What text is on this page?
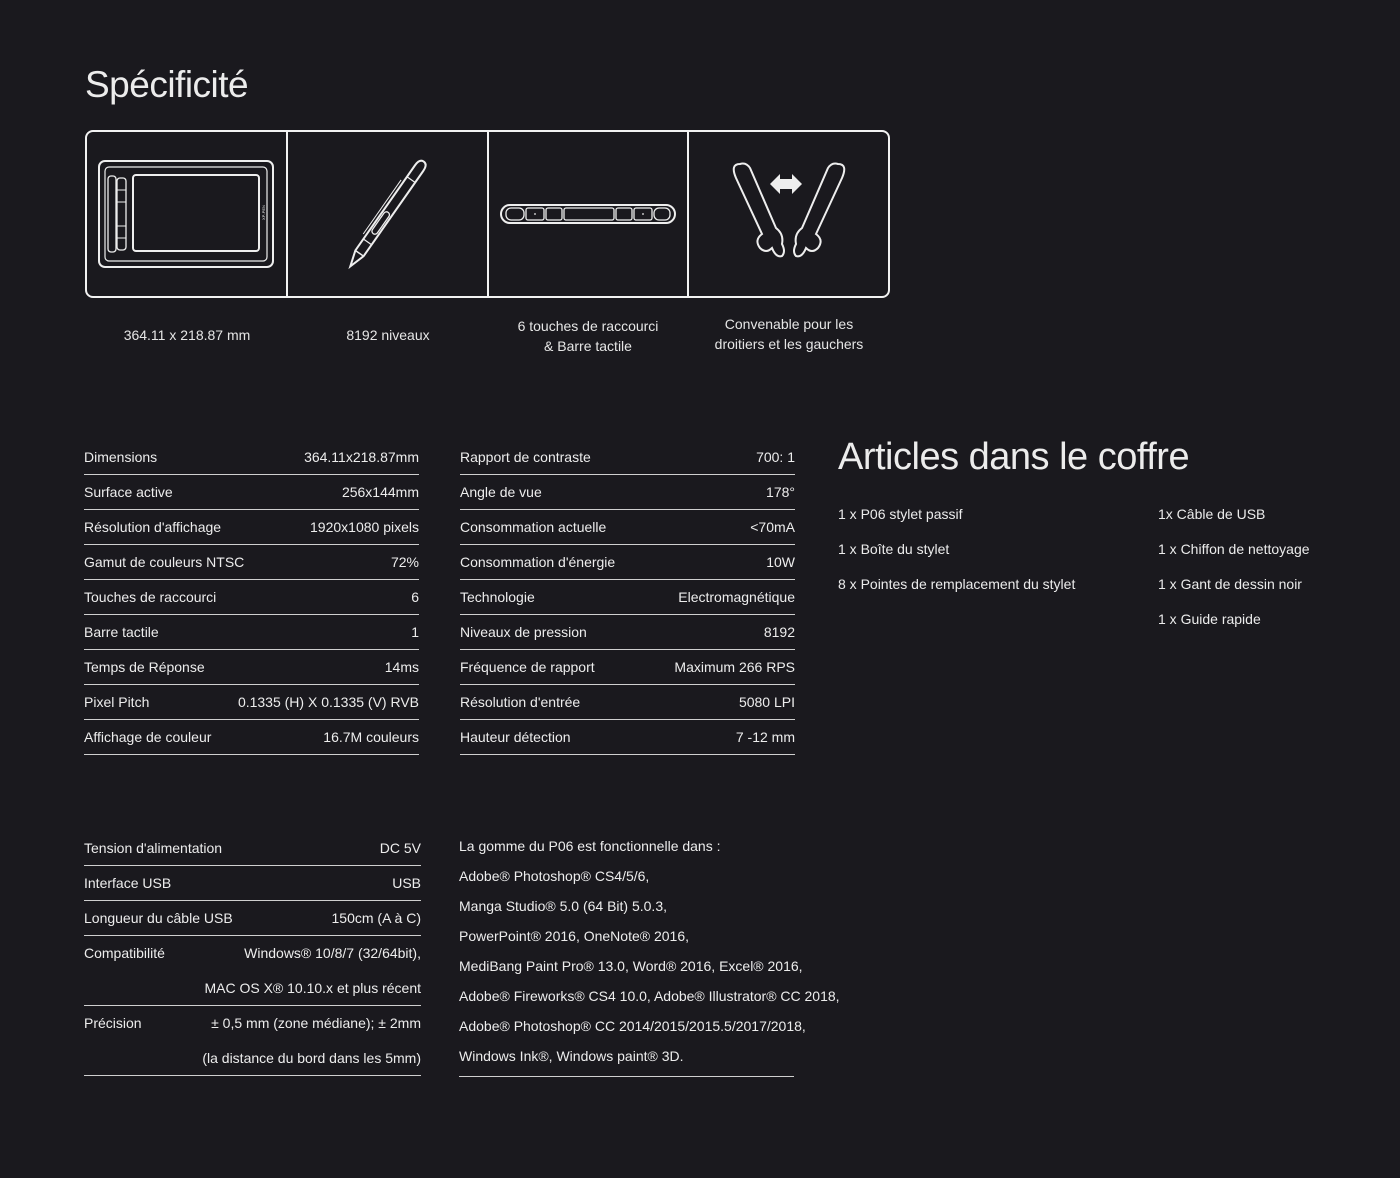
Spécificité
XP-PEN
364.11 x 218.87 mm	8192 niveaux
6 touches de raccourci
& Barre tactile
Convenable pour les
droitiers et les gauchers
Dimensions	364.11x218.87mm
Surface active	256x144mm
Résolution d'affichage	1920x1080 pixels
Gamut de couleurs NTSC	72%
Touches de raccourci	6
Barre tactile	1
Temps de Réponse	14ms
Pixel Pitch	0.1335 (H) X 0.1335 (V) RVB
Affichage de couleur	16.7M couleurs
Rapport de contraste	700: 1
Angle de vue	178°
Consommation actuelle	<70mA
Consommation d'énergie	10W
Technologie	Electromagnétique
Niveaux de pression	8192
Fréquence de rapport	Maximum 266 RPS
Résolution d'entrée	5080 LPI
Hauteur détection	7 -12 mm
Tension d'alimentation	DC 5V
Interface USB	USB
Longueur du câble USB	150cm (A à C)
Compatibilité	Windows® 10/8/7 (32/64bit),
MAC OS X® 10.10.x et plus récent
Précision	± 0,5 mm (zone médiane); ± 2mm
(la distance du bord dans les 5mm)
La gomme du P06 est fonctionnelle dans :
Adobe® Photoshop® CS4/5/6,
Manga Studio® 5.0 (64 Bit) 5.0.3,
PowerPoint® 2016, OneNote® 2016,
MediBang Paint Pro® 13.0, Word® 2016, Excel® 2016,
Adobe® Fireworks® CS4 10.0, Adobe® Illustrator® CC 2018,
Adobe® Photoshop® CC 2014/2015/2015.5/2017/2018,
Windows Ink®, Windows paint® 3D.
Articles dans le coffre
1 x P06 stylet passif
1 x Boîte du stylet
8 x Pointes de remplacement du stylet
1x Câble de USB
1 x Chiffon de nettoyage
1 x Gant de dessin noir
1 x Guide rapide
